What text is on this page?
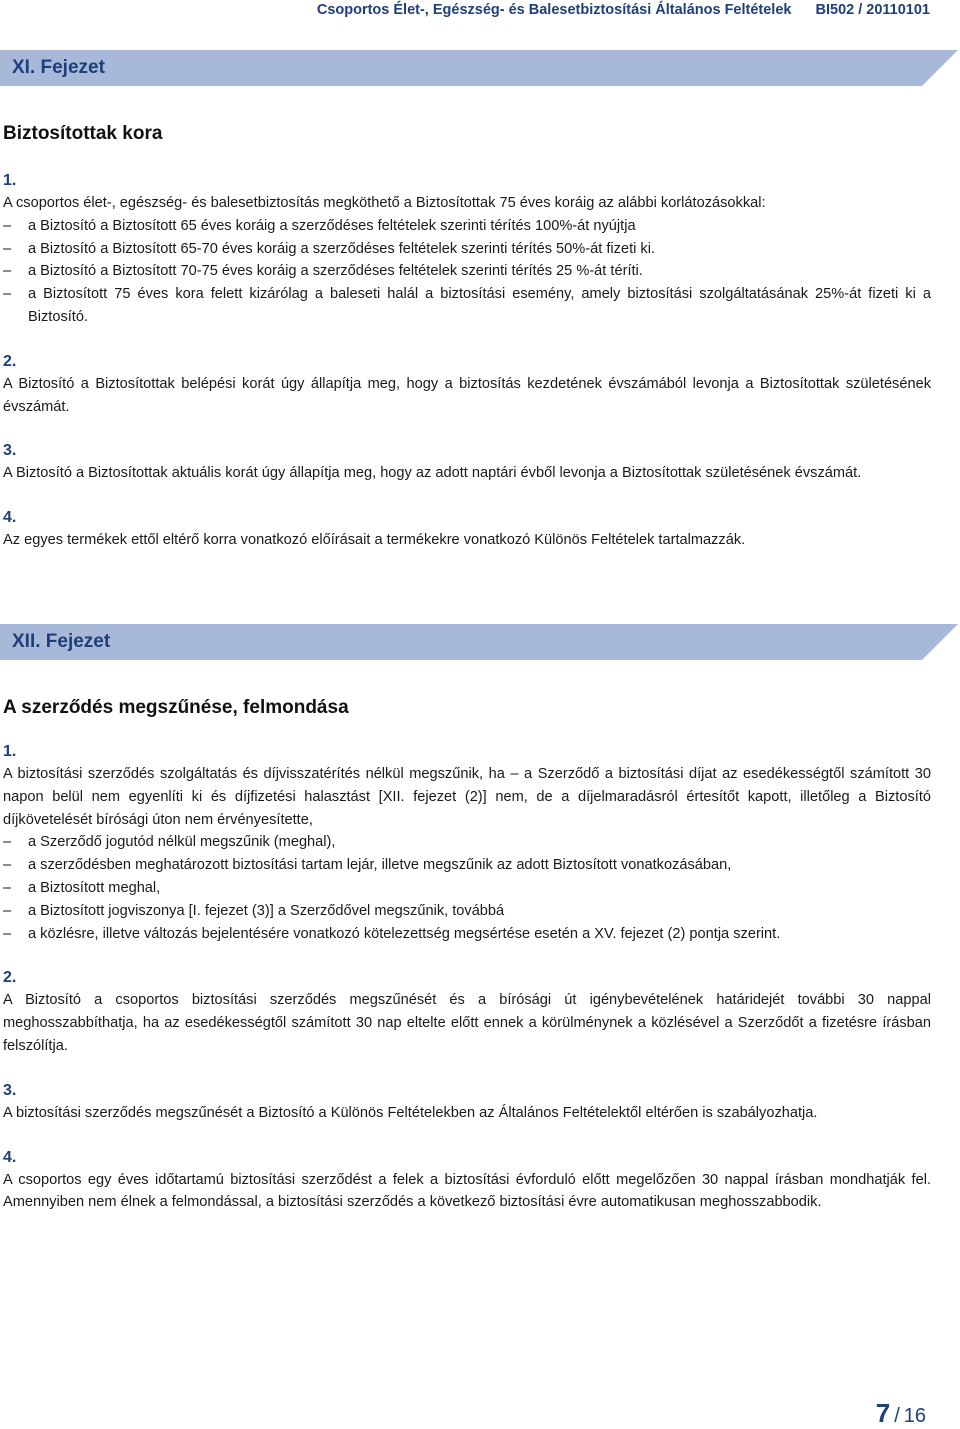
Csoportos Élet-, Egészség- és Balesetbiztosítási Általános Feltételek BI502 / 20110101
XI. Fejezet
Biztosítottak kora

1.

A csoportos élet-, egészség- és balesetbiztosítás megköthető a Biztosítottak 75 éves koráig az alábbi korlátozásokkal:

– a Biztosító a Biztosított 65 éves koráig a szerződéses feltételek szerinti térítés 100%-át nyújtja
– a Biztosító a Biztosított 65-70 éves koráig a szerződéses feltételek szerinti térítés 50%-át fizeti ki.
– a Biztosító a Biztosított 70-75 éves koráig a szerződéses feltételek szerinti térítés 25 %-át téríti.
– a Biztosított 75 éves kora felett kizárólag a baleseti halál a biztosítási esemény, amely biztosítási szolgáltatásának 25%-át fizeti ki a Biztosító.

2.

A Biztosító a Biztosítottak belépési korát úgy állapítja meg, hogy a biztosítás kezdetének évszámából levonja a Biztosítottak születésének évszámát.

3.

A Biztosító a Biztosítottak aktuális korát úgy állapítja meg, hogy az adott naptári évből levonja a Biztosítottak születésének évszámát.

4.

Az egyes termékek ettől eltérő korra vonatkozó előírásait a termékekre vonatkozó Különös Feltételek tartalmazzák.

XII. Fejezet
A szerződés megszűnése, felmondása

1.

A biztosítási szerződés szolgáltatás és díjvisszatérítés nélkül megszűnik, ha – a Szerződő a biztosítási díjat az esedékességtől számított 30 napon belül nem egyenlíti ki és díjfizetési halasztást [XII. fejezet (2)] nem, de a díjelmaradásról értesítőt kapott, illetőleg a Biztosító díjkövetelését bírósági úton nem érvényesítette,

– a Szerződő jogutód nélkül megszűnik (meghal),
– a szerződésben meghatározott biztosítási tartam lejár, illetve megszűnik az adott Biztosított vonatkozásában,
– a Biztosított meghal,
– a Biztosított jogviszonya [I. fejezet (3)] a Szerződővel megszűnik, továbbá
– a közlésre, illetve változás bejelentésére vonatkozó kötelezettség megsértése esetén a XV. fejezet (2) pontja szerint.

2.

A Biztosító a csoportos biztosítási szerződés megszűnését és a bírósági út igénybevételének határidejét további 30 nappal meghosszabbíthatja, ha az esedékességtől számított 30 nap eltelte előtt ennek a körülménynek a közlésével a Szerződőt a fizetésre írásban felszólítja.

3.

A biztosítási szerződés megszűnését a Biztosító a Különös Feltételekben az Általános Feltételektől eltérően is szabályozhatja.

4.

A csoportos egy éves időtartamú biztosítási szerződést a felek a biztosítási évforduló előtt megelőzően 30 nappal írásban mondhatják fel. Amennyiben nem élnek a felmondással, a biztosítási szerződés a következő biztosítási évre automatikusan meghosszabbodik.

7 / 16
